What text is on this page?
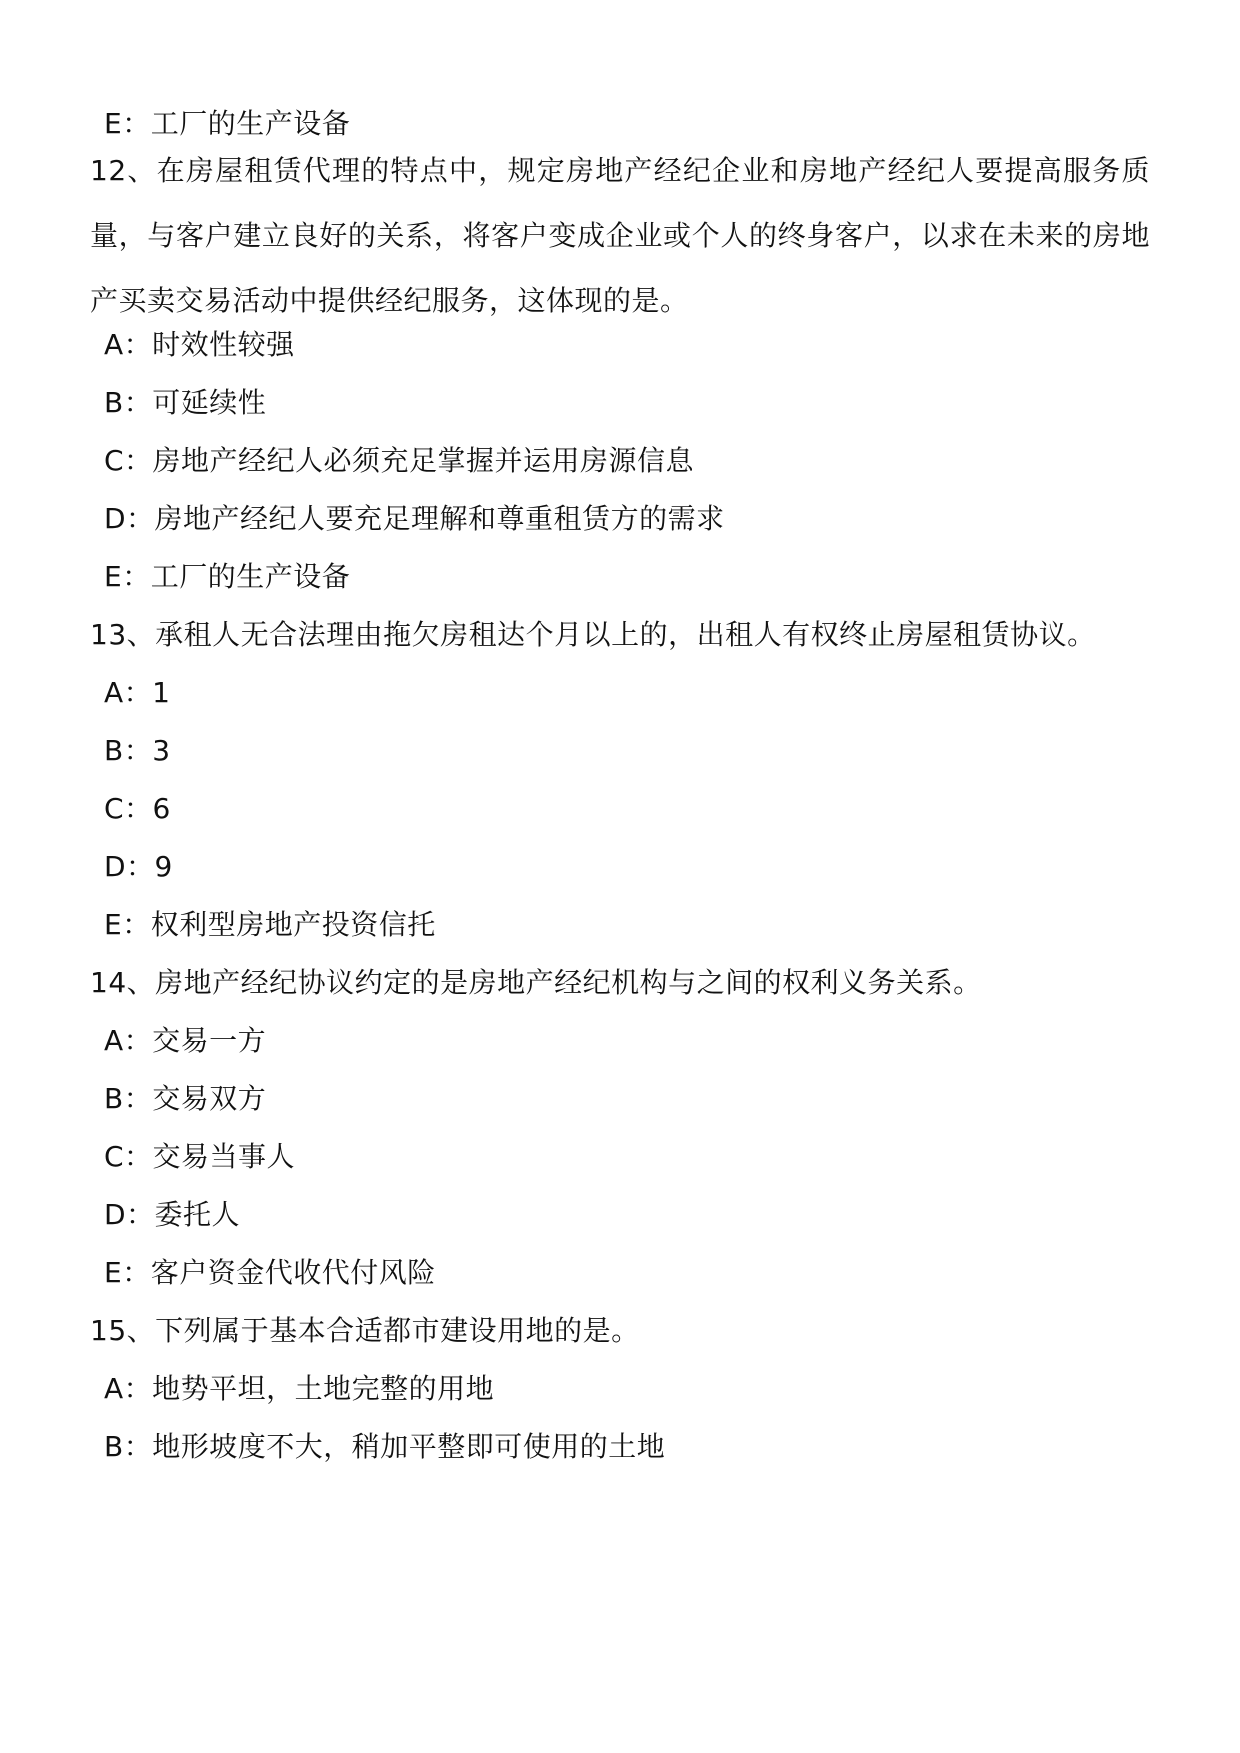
E：工厂的生产设备
12、在房屋租赁代理的特点中，规定房地产经纪企业和房地产经纪人要提高服务质量，与客户建立良好的关系，将客户变成企业或个人的终身客户，以求在未来的房地产买卖交易活动中提供经纪服务，这体现的是。
A：时效性较强
B：可延续性
C：房地产经纪人必须充足掌握并运用房源信息
D：房地产经纪人要充足理解和尊重租赁方的需求
E：工厂的生产设备
13、承租人无合法理由拖欠房租达个月以上的，出租人有权终止房屋租赁协议。
A：1
B：3
C：6
D：9
E：权利型房地产投资信托
14、房地产经纪协议约定的是房地产经纪机构与之间的权利义务关系。
A：交易一方
B：交易双方
C：交易当事人
D：委托人
E：客户资金代收代付风险
15、下列属于基本合适都市建设用地的是。
A：地势平坦，土地完整的用地
B：地形坡度不大，稍加平整即可使用的土地
